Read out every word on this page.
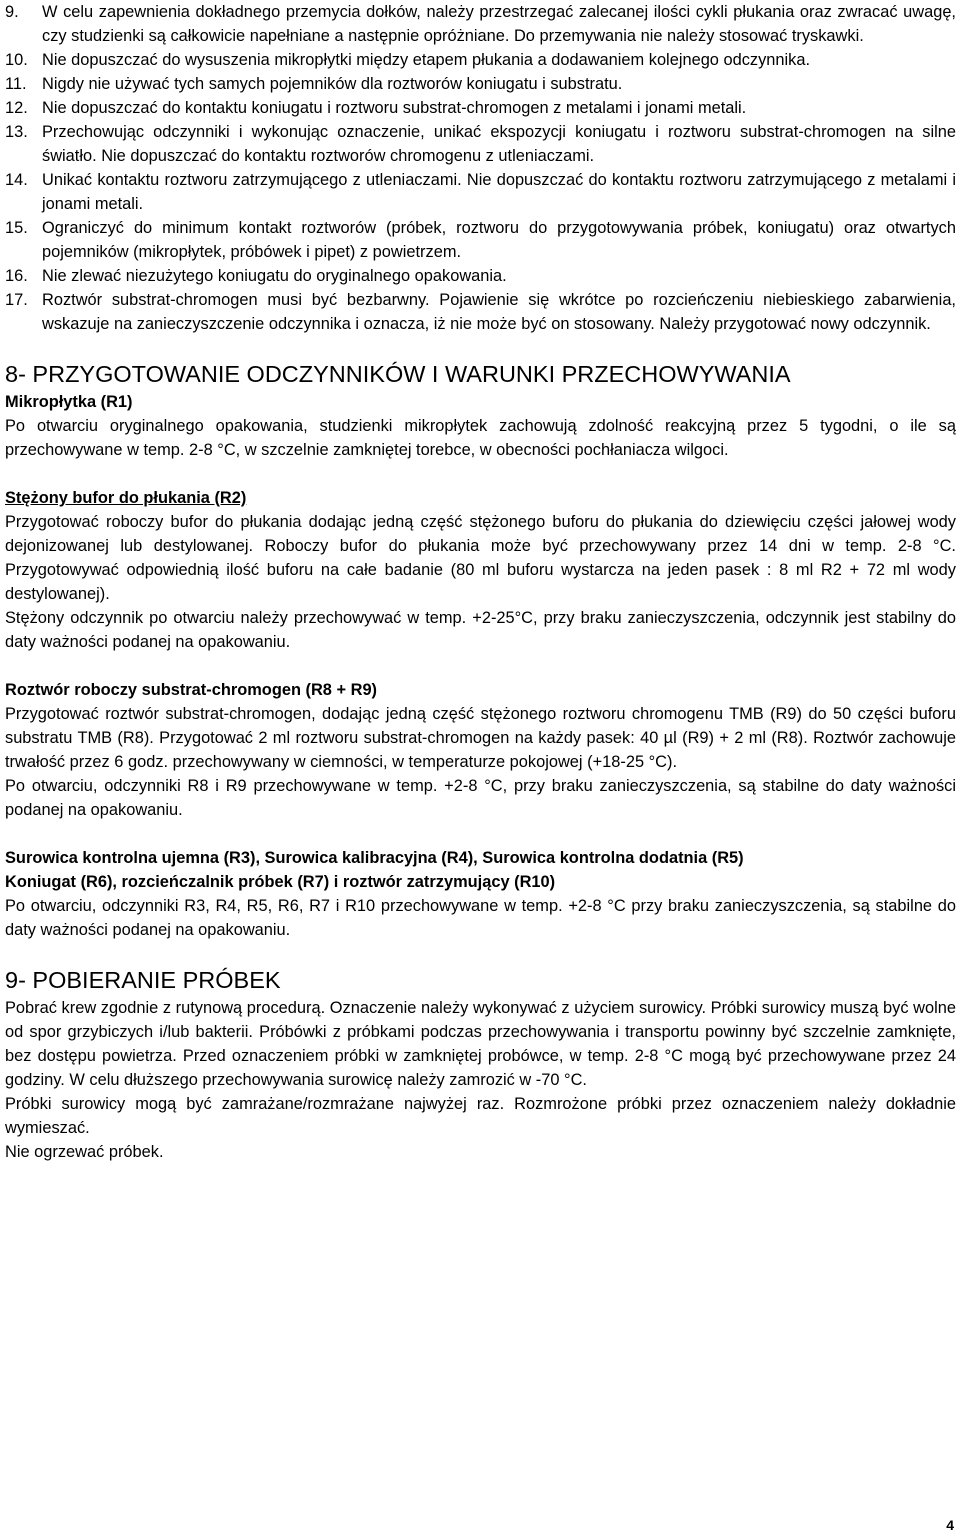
9.	W celu zapewnienia dokładnego przemycia dołków, należy przestrzegać zalecanej ilości cykli płukania oraz zwracać uwagę, czy studzienki są całkowicie napełniane a następnie opróżniane. Do przemywania nie należy stosować tryskawki.
10. Nie dopuszczać do wysuszenia mikropłytki między etapem płukania a dodawaniem kolejnego odczynnika.
11. Nigdy nie używać tych samych pojemników dla roztworów koniugatu i substratu.
12. Nie dopuszczać do kontaktu koniugatu i roztworu substrat-chromogen z metalami i jonami metali.
13. Przechowując odczynniki i wykonując oznaczenie, unikać ekspozycji koniugatu i roztworu substrat-chromogen na silne światło. Nie dopuszczać do kontaktu roztworów chromogenu z utleniaczami.
14. Unikać kontaktu roztworu zatrzymującego z utleniaczami. Nie dopuszczać do kontaktu roztworu zatrzymującego z metalami i jonami metali.
15. Ograniczyć do minimum kontakt roztworów (próbek, roztworu do przygotowywania próbek, koniugatu) oraz otwartych pojemników (mikropłytek, próbówek i pipet) z powietrzem.
16. Nie zlewać niezużytego koniugatu do oryginalnego opakowania.
17. Roztwór substrat-chromogen musi być bezbarwny. Pojawienie się wkrótce po rozcieńczeniu niebieskiego zabarwienia, wskazuje na zanieczyszczenie odczynnika i oznacza, iż nie może być on stosowany. Należy przygotować nowy odczynnik.
8- PRZYGOTOWANIE ODCZYNNIKÓW I WARUNKI PRZECHOWYWANIA

Mikropłytka (R1)

Po otwarciu oryginalnego opakowania, studzienki mikropłytek zachowują zdolność reakcyjną przez 5 tygodni, o ile są przechowywane w temp. 2-8 °C, w szczelnie zamkniętej torebce, w obecności pochłaniacza wilgoci.

Stężony bufor do płukania (R2)

Przygotować roboczy bufor do płukania dodając jedną część stężonego buforu do płukania do dziewięciu części jałowej wody dejonizowanej lub destylowanej. Roboczy bufor do płukania może być przechowywany przez 14 dni w temp. 2-8 °C. Przygotowywać odpowiednią ilość buforu na całe badanie (80 ml buforu wystarcza na jeden pasek : 8 ml R2 + 72 ml wody destylowanej).

Stężony odczynnik po otwarciu należy przechowywać w temp. +2-25°C, przy braku zanieczyszczenia, odczynnik jest stabilny do daty ważności podanej na opakowaniu.

Roztwór roboczy substrat-chromogen (R8 + R9)

Przygotować roztwór substrat-chromogen, dodając jedną część stężonego roztworu chromogenu TMB (R9) do 50 części buforu substratu TMB (R8). Przygotować 2 ml roztworu substrat-chromogen na każdy pasek: 40 µl (R9) + 2 ml (R8). Roztwór zachowuje trwałość przez 6 godz. przechowywany w ciemności, w temperaturze pokojowej (+18-25 °C).

Po otwarciu, odczynniki R8 i R9 przechowywane w temp. +2-8 °C, przy braku zanieczyszczenia, są stabilne do daty ważności podanej na opakowaniu.

Surowica kontrolna ujemna (R3), Surowica kalibracyjna (R4), Surowica kontrolna dodatnia (R5)

Koniugat (R6), rozcieńczalnik próbek (R7) i roztwór zatrzymujący (R10)

Po otwarciu, odczynniki R3, R4, R5, R6, R7 i R10 przechowywane w temp. +2-8 °C przy braku zanieczyszczenia, są stabilne do daty ważności podanej na opakowaniu.

9- POBIERANIE PRÓBEK

Pobrać krew zgodnie z rutynową procedurą. Oznaczenie należy wykonywać z użyciem surowicy. Próbki surowicy muszą być wolne od spor grzybiczych i/lub bakterii. Próbówki z próbkami podczas przechowywania i transportu powinny być szczelnie zamknięte, bez dostępu powietrza. Przed oznaczeniem próbki w zamkniętej probówce, w temp. 2-8 °C mogą być przechowywane przez 24 godziny. W celu dłuższego przechowywania surowicę należy zamrozić w -70 °C.

Próbki surowicy mogą być zamrażane/rozmrażane najwyżej raz. Rozmrożone próbki przez oznaczeniem należy dokładnie wymieszać.

Nie ogrzewać próbek.

4
